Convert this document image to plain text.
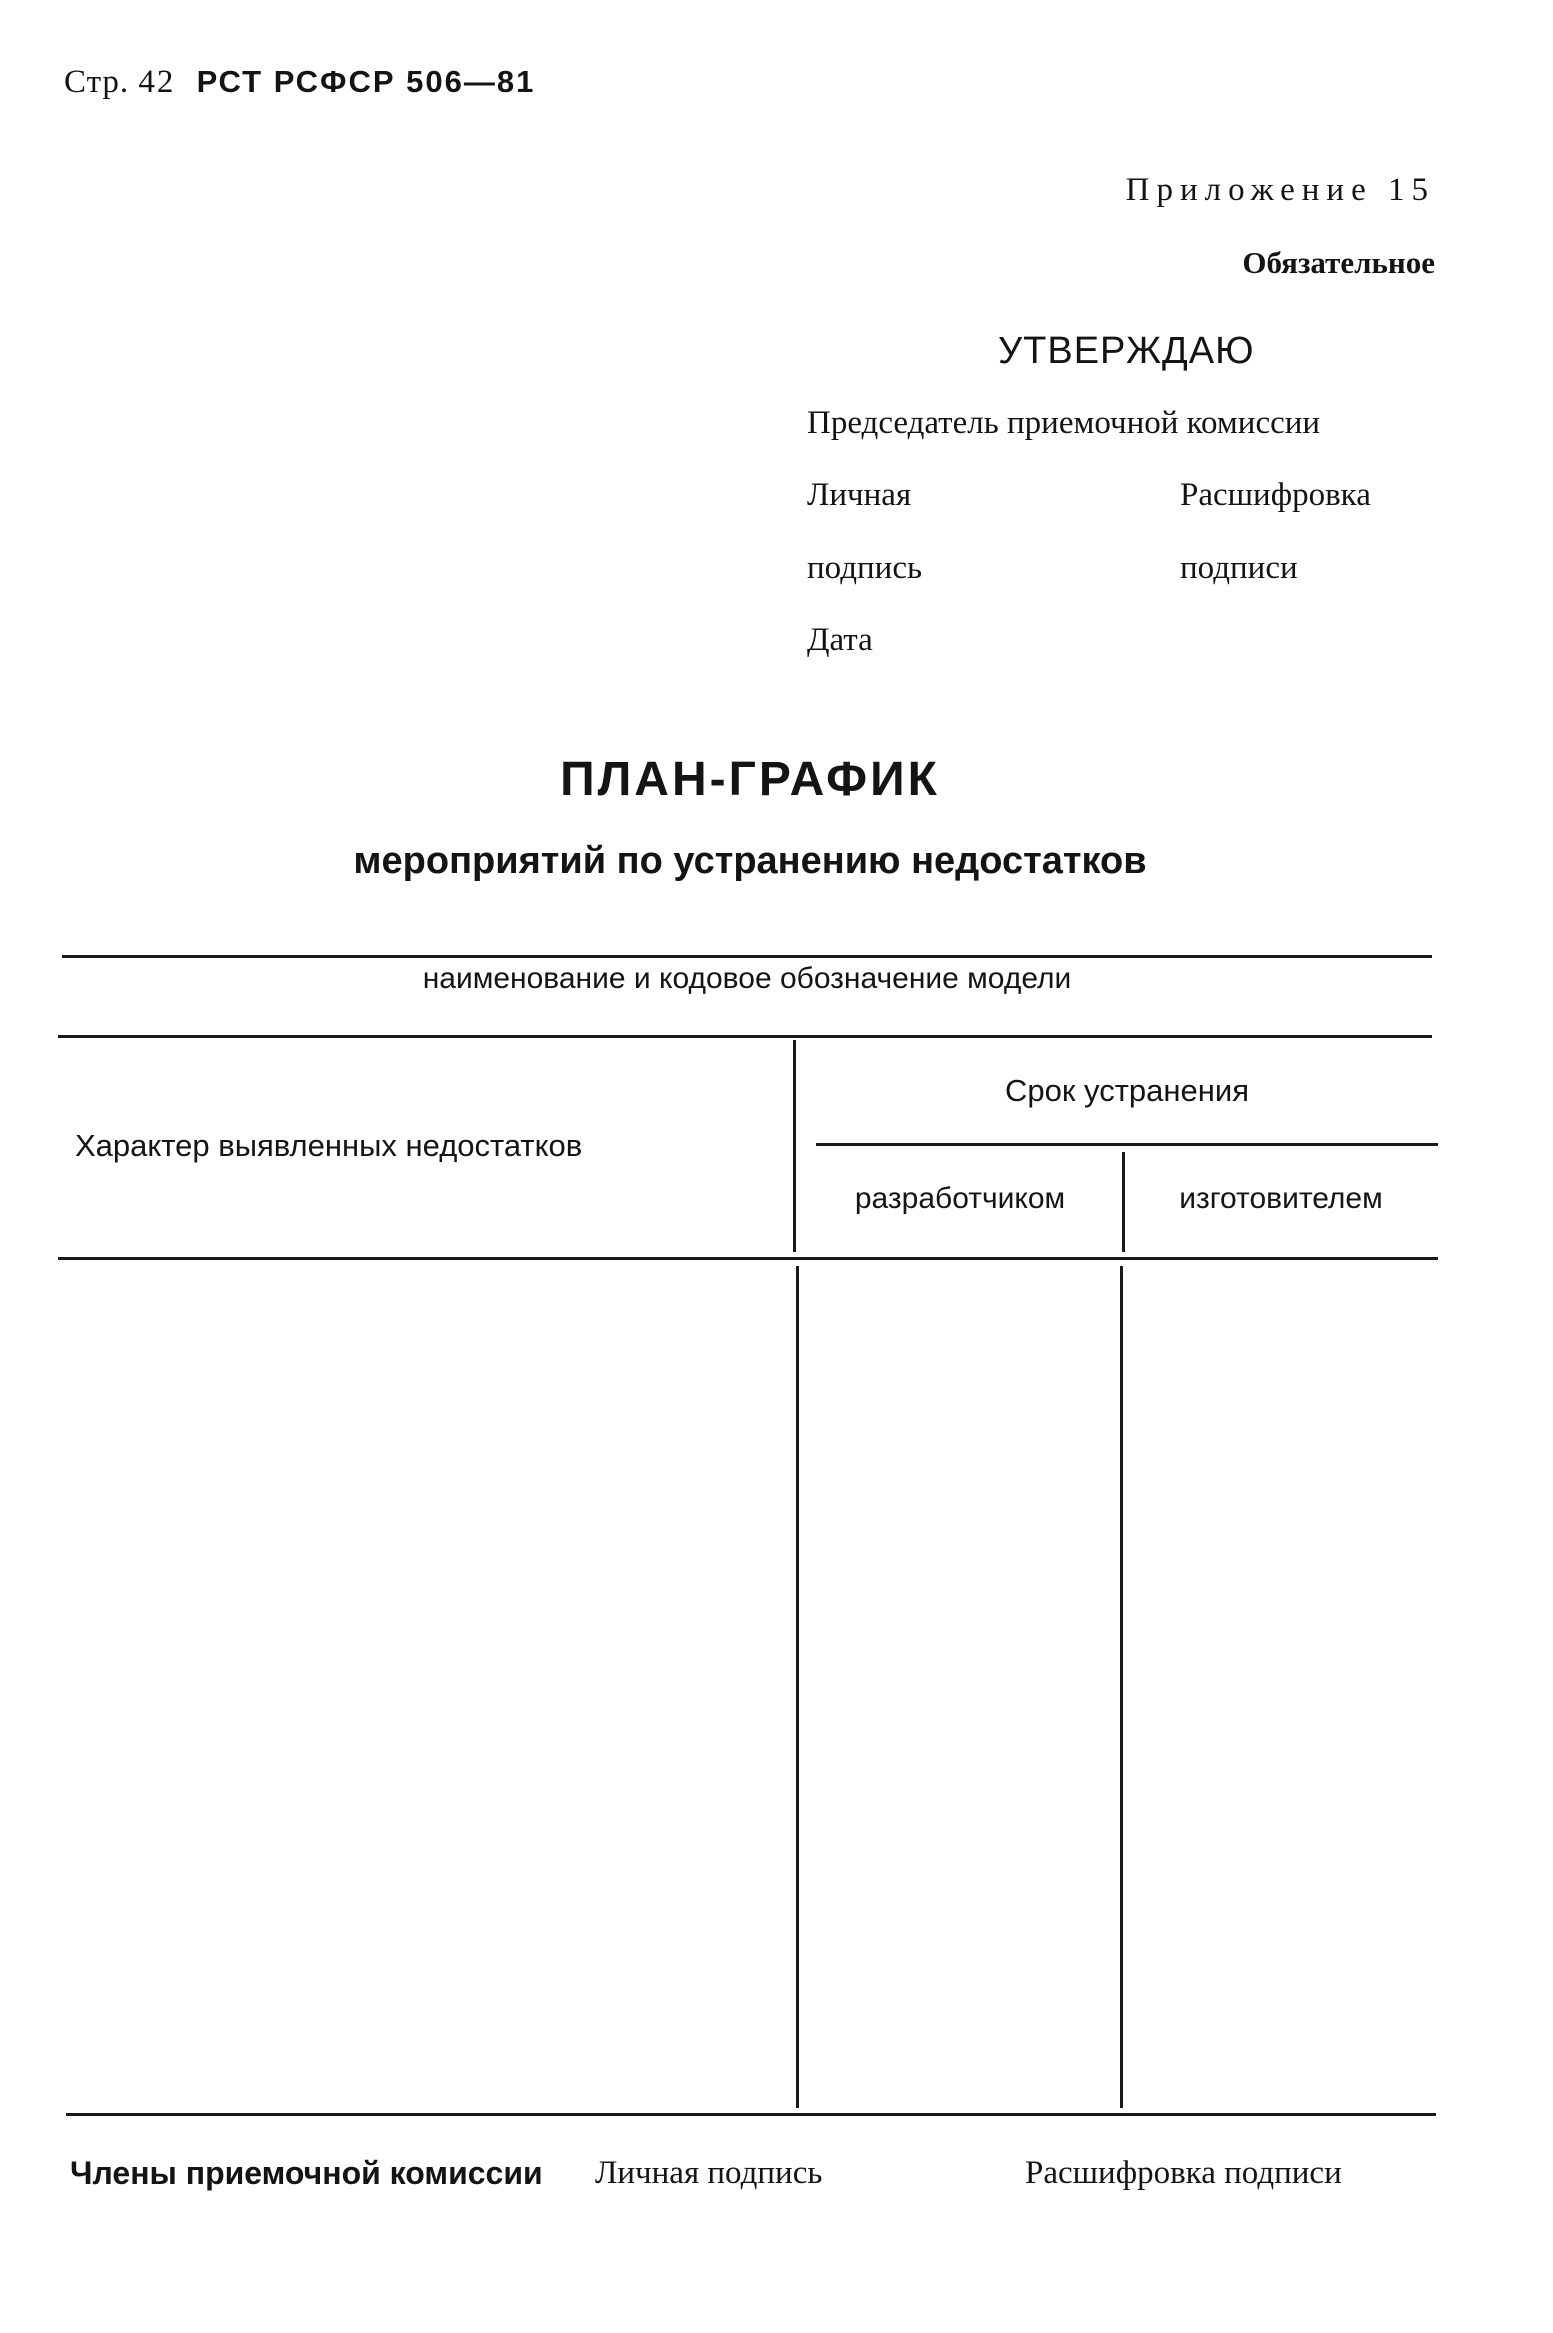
Стр. 42 РСТ РСФСР 506—81
Приложение 15
Обязательное
УТВЕРЖДАЮ
Председатель приемочной комиссии
Личная	Расшифровка
подпись	подписи
Дата
ПЛАН-ГРАФИК
мероприятий по устранению недостатков
наименование и кодовое обозначение модели
Характер выявленных недостатков
Срок устранения
разработчиком	изготовителем
Члены приемочной комиссии Личная подпись	Расшифровка подписи
